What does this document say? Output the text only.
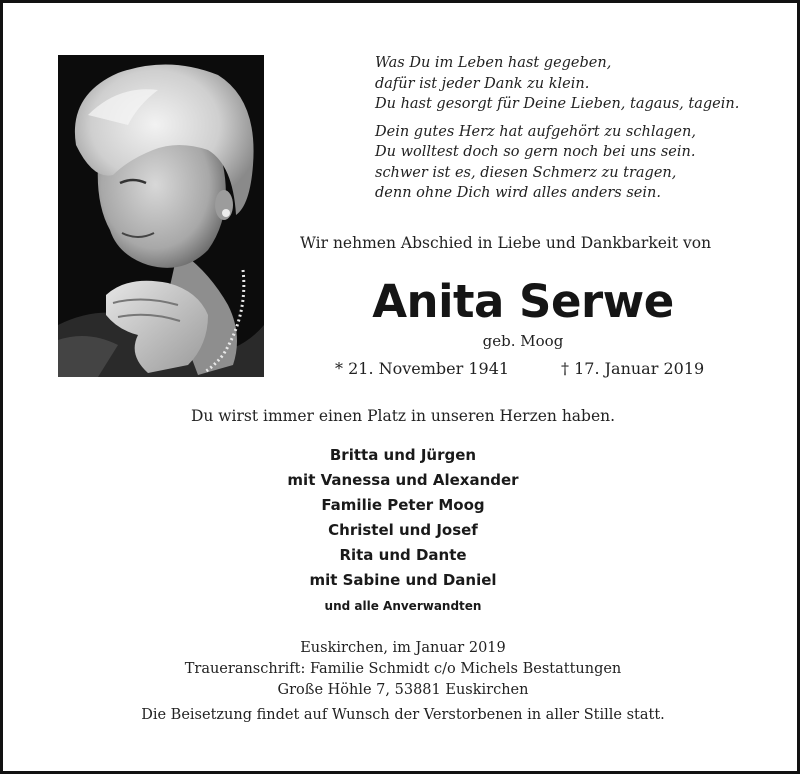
Was Du im Leben hast gegeben,
dafür ist jeder Dank zu klein.
Du hast gesorgt für Deine Lieben, tagaus, tagein.
Dein gutes Herz hat aufgehört zu schlagen,
Du wolltest doch so gern noch bei uns sein.
schwer ist es, diesen Schmerz zu tragen,
denn ohne Dich wird alles anders sein.
Wir nehmen Abschied in Liebe und Dankbarkeit von
Anita Serwe
geb. Moog
* 21. November 1941	† 17. Januar 2019
Du wirst immer einen Platz in unseren Herzen haben.
Britta und Jürgen
mit Vanessa und Alexander
Familie Peter Moog
Christel und Josef
Rita und Dante
mit Sabine und Daniel
und alle Anverwandten
Euskirchen, im Januar 2019
Traueranschrift: Familie Schmidt c/o Michels Bestattungen
Große Höhle 7, 53881 Euskirchen
Die Beisetzung findet auf Wunsch der Verstorbenen in aller Stille statt.
